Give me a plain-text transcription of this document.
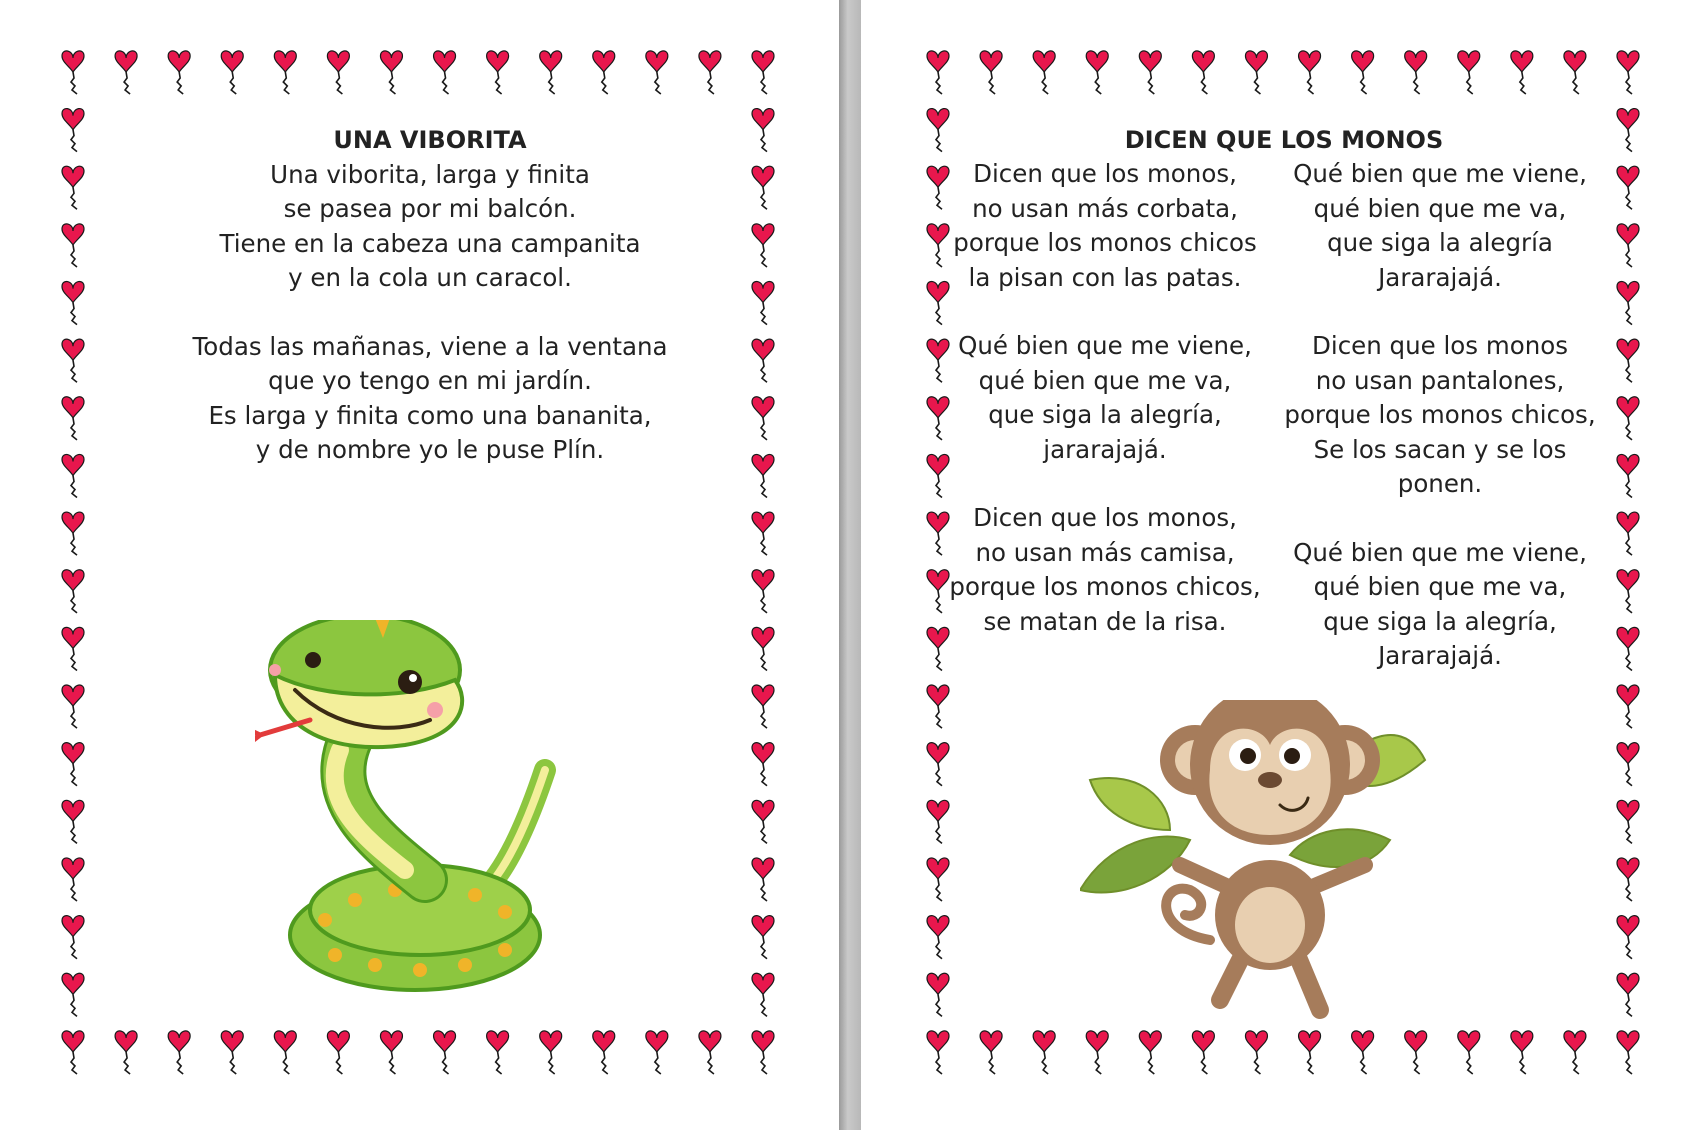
UNA VIBORITA

Una viborita, larga y finita
se pasea por mi balcón.
Tiene en la cabeza una campanita
y en la cola un caracol.

Todas las mañanas, viene a la ventana
que yo tengo en mi jardín.
Es larga y finita como una bananita,
y de nombre yo le puse Plín.

DICEN QUE LOS MONOS

Dicen que los monos,
no usan más corbata,
porque los monos chicos
la pisan con las patas.

Qué bien que me viene,
qué bien que me va,
que siga la alegría,
jararajajá.

Dicen que los monos,
no usan más camisa,
porque los monos chicos,
se matan de la risa.

Qué bien que me viene,
qué bien que me va,
que siga la alegría
Jararajajá.

Dicen que los monos
no usan pantalones,
porque los monos chicos,
Se los sacan y se los ponen.

Qué bien que me viene,
qué bien que me va,
que siga la alegría,
Jararajajá.
